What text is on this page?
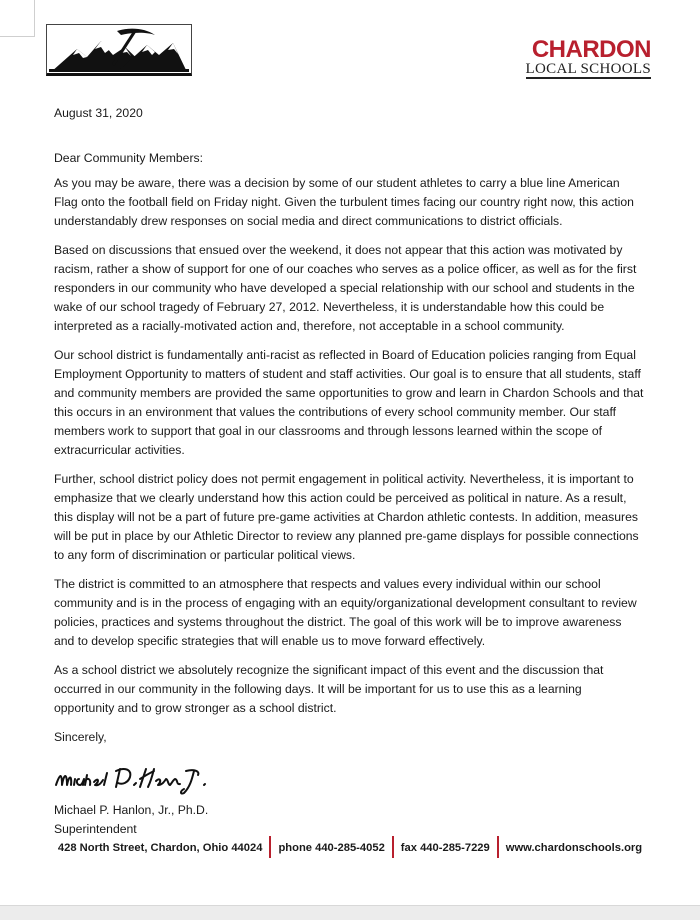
CHARDON
LOCAL SCHOOLS

August 31, 2020

Dear Community Members:

As you may be aware, there was a decision by some of our student athletes to carry a blue line American Flag onto the football field on Friday night. Given the turbulent times facing our country right now, this action understandably drew responses on social media and direct communications to district officials.

Based on discussions that ensued over the weekend, it does not appear that this action was motivated by racism, rather a show of support for one of our coaches who serves as a police officer, as well as for the first responders in our community who have developed a special relationship with our school and students in the wake of our school tragedy of February 27, 2012. Nevertheless, it is understandable how this could be interpreted as a racially-motivated action and, therefore, not acceptable in a school community.

Our school district is fundamentally anti-racist as reflected in Board of Education policies ranging from Equal Employment Opportunity to matters of student and staff activities. Our goal is to ensure that all students, staff and community members are provided the same opportunities to grow and learn in Chardon Schools and that this occurs in an environment that values the contributions of every school community member. Our staff members work to support that goal in our classrooms and through lessons learned within the scope of extracurricular activities.

Further, school district policy does not permit engagement in political activity. Nevertheless, it is important to emphasize that we clearly understand how this action could be perceived as political in nature. As a result, this display will not be a part of future pre-game activities at Chardon athletic contests. In addition, measures will be put in place by our Athletic Director to review any planned pre-game displays for possible connections to any form of discrimination or particular political views.

The district is committed to an atmosphere that respects and values every individual within our school community and is in the process of engaging with an equity/organizational development consultant to review policies, practices and systems throughout the district. The goal of this work will be to improve awareness and to develop specific strategies that will enable us to move forward effectively.

As a school district we absolutely recognize the significant impact of this event and the discussion that occurred in our community in the following days. It will be important for us to use this as a learning opportunity and to grow stronger as a school district.

Sincerely,

Michael P. Hanlon, Jr., Ph.D.

Superintendent

428 North Street, Chardon, Ohio 44024 phone 440-285-4052 fax 440-285-7229 www.chardonschools.org
